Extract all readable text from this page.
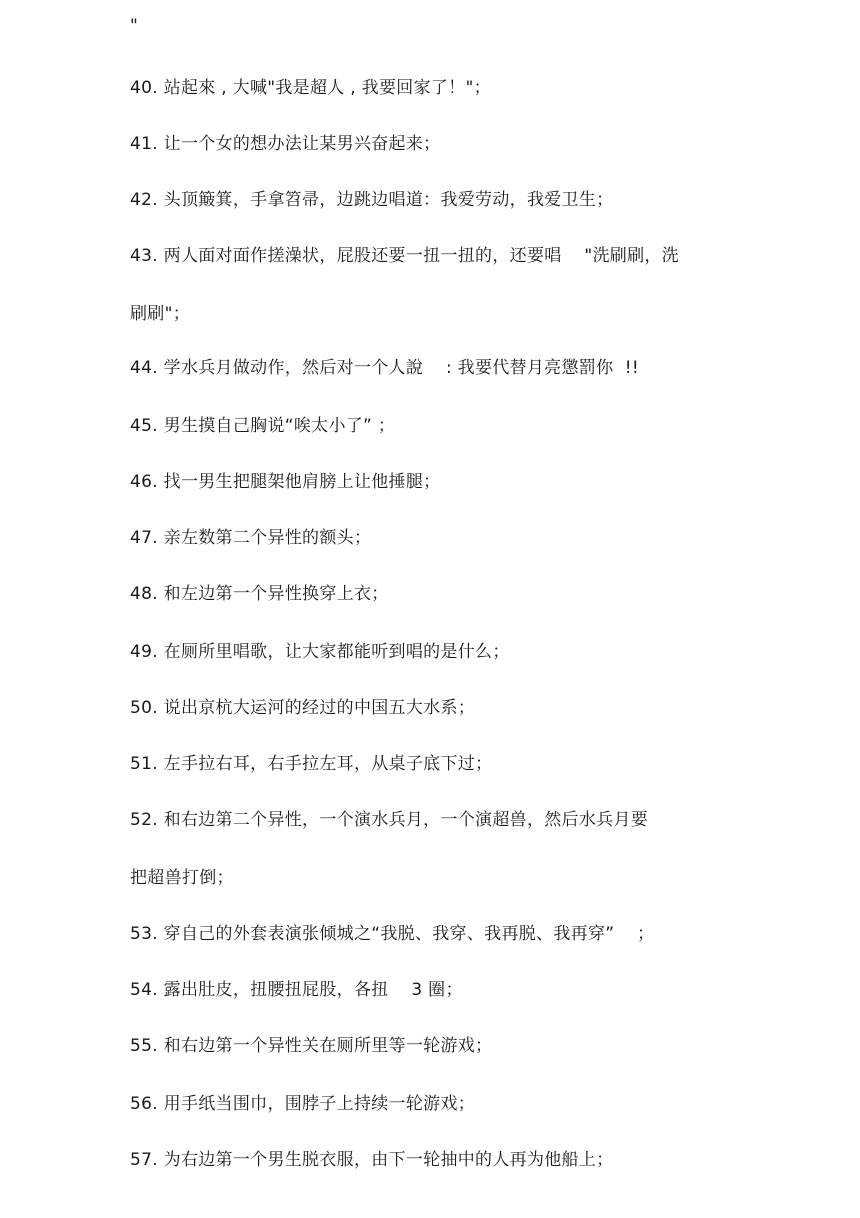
"
40. 站起來 , 大喊"我是超人 , 我要回家了！"；
41. 让一个女的想办法让某男兴奋起来；
42. 头顶簸箕，手拿笤帚，边跳边唱道：我爱劳动，我爱卫生；
43. 两人面对面作搓澡状，屁股还要一扭一扭的，还要唱    "洗刷刷，洗
刷刷"；
44. 学水兵月做动作，然后对一个人說    : 我要代替月亮懲罰你  !!
45. 男生摸自己胸说“唉太小了” ；
46. 找一男生把腿架他肩膀上让他捶腿；
47. 亲左数第二个异性的额头；
48. 和左边第一个异性换穿上衣；
49. 在厕所里唱歌，让大家都能听到唱的是什么；
50. 说出京杭大运河的经过的中国五大水系；
51. 左手拉右耳，右手拉左耳，从桌子底下过；
52. 和右边第二个异性，一个演水兵月，一个演超兽，然后水兵月要
把超兽打倒；
53. 穿自己的外套表演张倾城之“我脱、我穿、我再脱、我再穿”    ；
54. 露出肚皮，扭腰扭屁股，各扭    3 圈；
55. 和右边第一个异性关在厕所里等一轮游戏；
56. 用手纸当围巾，围脖子上持续一轮游戏；
57. 为右边第一个男生脱衣服，由下一轮抽中的人再为他船上；
